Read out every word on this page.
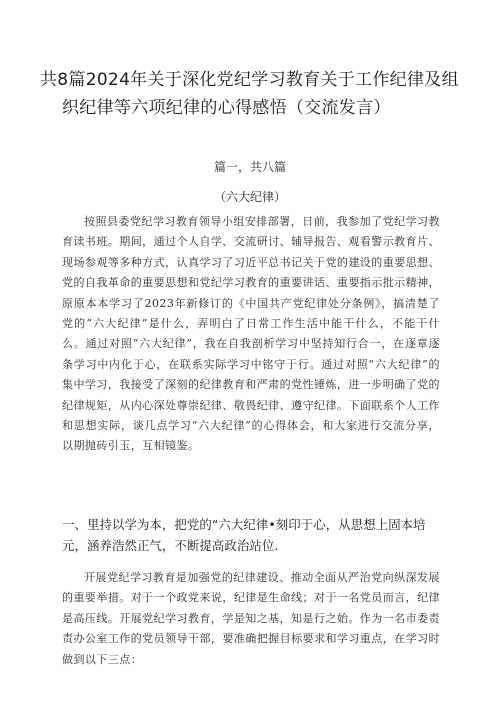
共8篇2024年关于深化党纪学习教育关于工作纪律及组
织纪律等六项纪律的心得感悟（交流发言）
篇一，共八篇
（六大纪律）

按照县委党纪学习教育领导小组安排部署，日前，我参加了党纪学习教育读书班。期间，通过个人自学、交流研讨、辅导报告、观看警示教育片、现场参观等多种方式，认真学习了习近平总书记关于党的建设的重要思想、党的自我革命的重要思想和党纪学习教育的重要讲话、重要指示批示精神，原原本本学习了2023年新修订的《中国共产党纪律处分条例》，搞清楚了党的“六大纪律”是什么，弄明白了日常工作生活中能干什么，不能干什么。通过对照“六大纪律”，我在自我剖析学习中坚持知行合一，在逐章逐条学习中内化于心，在联系实际学习中铭守于行。通过对照“六大纪律”的集中学习，我接受了深刻的纪律教育和严肃的党性锤炼，进一步明确了党的纪律规矩，从内心深处尊崇纪律、敬畏纪律、遵守纪律。下面联系个人工作和思想实际，谈几点学习“六大纪律”的心得体会，和大家进行交流分享，以期抛砖引玉，互相镜鉴。

一、里持以学为本，把党的“六大纪律•刻印于心，从思想上固本培元，涵养浩然正气，不断提高政治站位.

开展党纪学习教育是加强党的纪律建设、推动全面从严治党向纵深发展的重要举措。对于一个政党来说，纪律是生命线；对于一名党员而言，纪律是高压线。开展党纪学习教育，学是知之基，知是行之始。作为一名市委责责办公室工作的党员领导干部，要准确把握目标要求和学习重点，在学习时做到以下三点：
